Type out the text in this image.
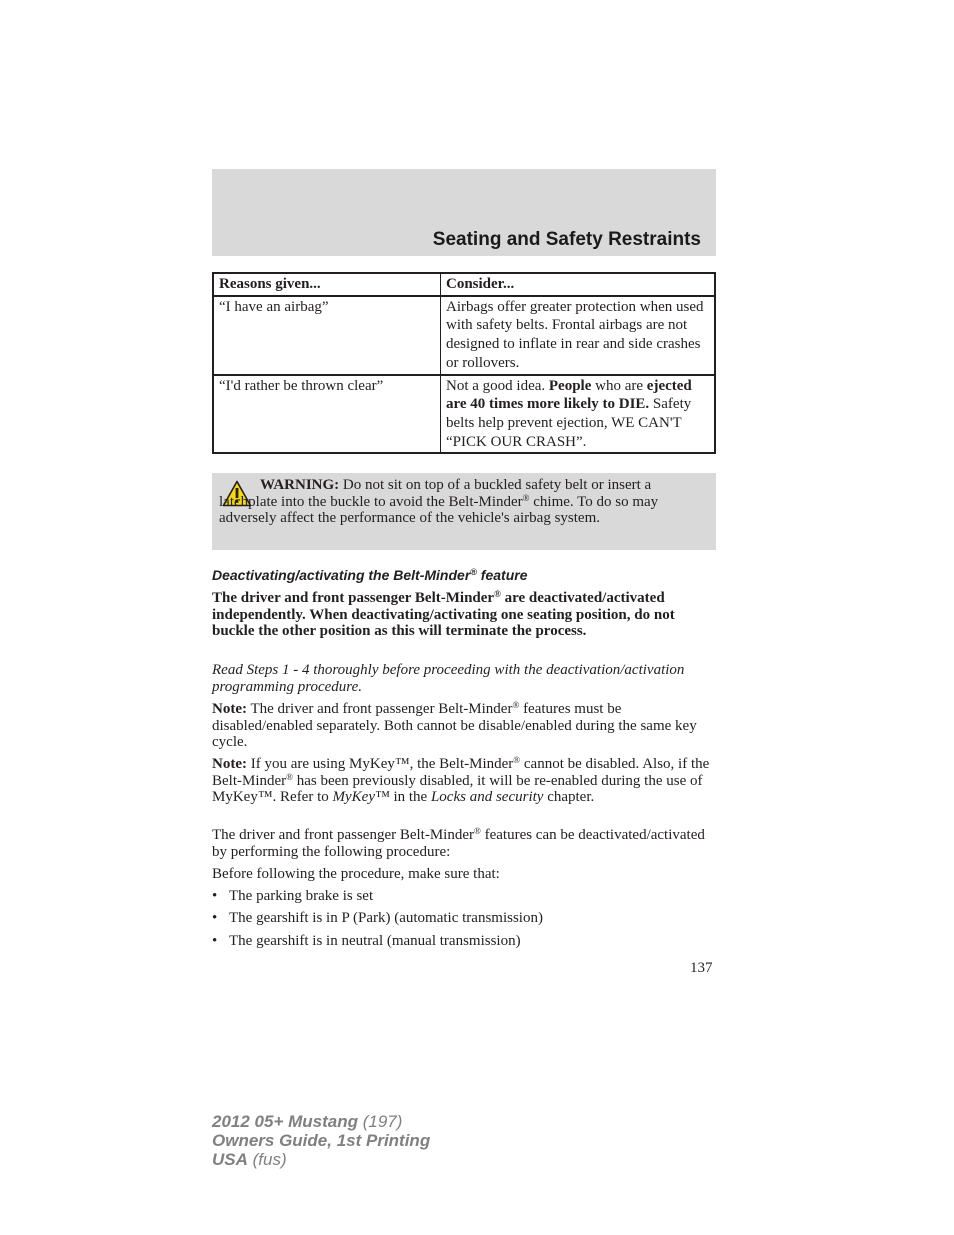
Seating and Safety Restraints
Reasons given...	Consider...
“I have an airbag”	Airbags offer greater protection when used with safety belts. Frontal airbags are not designed to inflate in rear and side crashes or rollovers.
“I'd rather be thrown clear”	Not a good idea. People who are ejected are 40 times more likely to DIE. Safety belts help prevent ejection, WE CAN'T “PICK OUR CRASH”.
WARNING: Do not sit on top of a buckled safety belt or insert a latchplate into the buckle to avoid the Belt-Minder® chime. To do so may adversely affect the performance of the vehicle's airbag system.
Deactivating/activating the Belt-Minder® feature
The driver and front passenger Belt-Minder® are deactivated/activated independently. When deactivating/activating one seating position, do not buckle the other position as this will terminate the process.
Read Steps 1 - 4 thoroughly before proceeding with the deactivation/activation programming procedure.
Note: The driver and front passenger Belt-Minder® features must be disabled/enabled separately. Both cannot be disable/enabled during the same key cycle.
Note: If you are using MyKey™, the Belt-Minder® cannot be disabled. Also, if the Belt-Minder® has been previously disabled, it will be re-enabled during the use of MyKey™. Refer to MyKey™ in the Locks and security chapter.
The driver and front passenger Belt-Minder® features can be deactivated/activated by performing the following procedure:
Before following the procedure, make sure that:
• The parking brake is set
• The gearshift is in P (Park) (automatic transmission)
• The gearshift is in neutral (manual transmission)
137
2012 05+ Mustang (197)
Owners Guide, 1st Printing
USA (fus)
